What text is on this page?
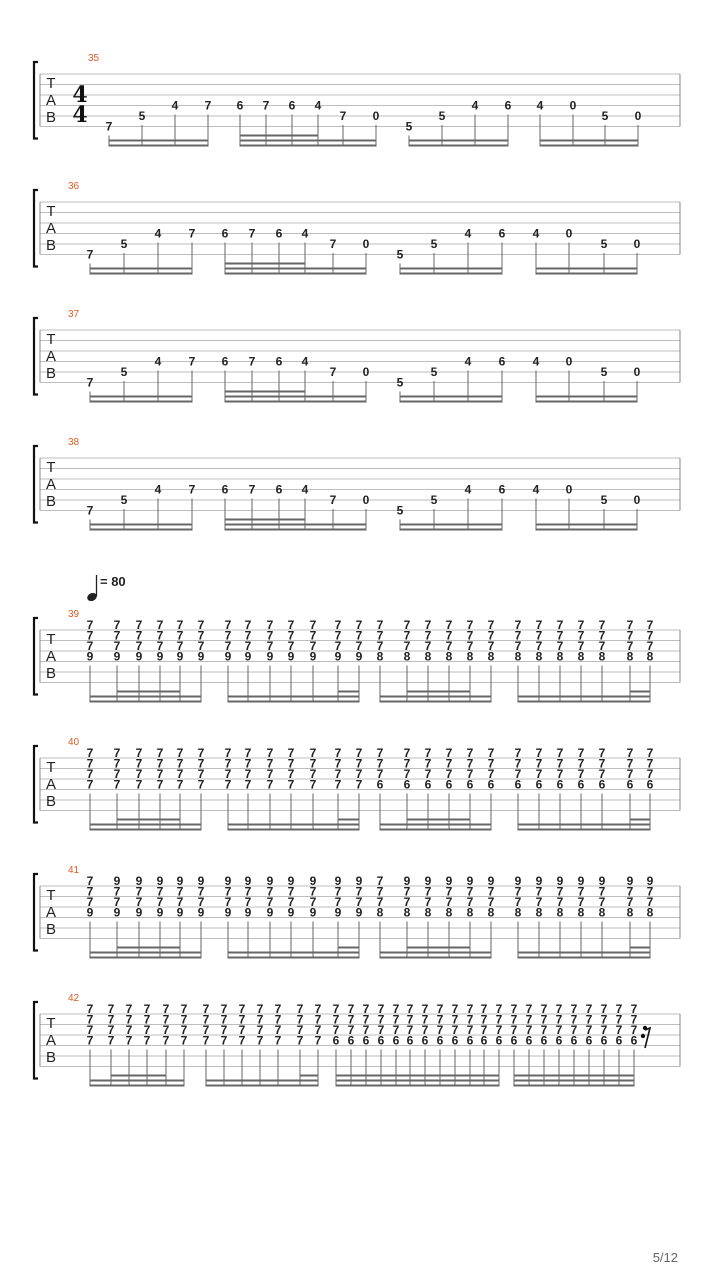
T
A
B
35
4
4 7
5
4 7 6 7 6 4
7 0
5
5
4 6 4 0
5 0
T
A
B
36
7
5
4 7 6 7 6 4
7 0
5
5
4 6 4 0
5 0
T
A
B
37
7
5
4 7 6 7 6 4
7 0
5
5
4 6 4 0
5 0
T
A
B
38
7
5
4 7 6 7 6 4
7 0
5
5
4 6 4 0
5 0
T
A
B
39
7
7
7
9
7
7
7
9
7
7
7
9
7
7
7
9
7
7
7
9
7
7
7
9
7
7
7
9
7
7
7
9
7
7
7
9
7
7
7
9
7
7
7
9
7
7
7
9
7
7
7
9
7
7
7
8
7
7
7
8
7
7
7
8
7
7
7
8
7
7
7
8
7
7
7
8
7
7
7
8
7
7
7
8
7
7
7
8
7
7
7
8
7
7
7
8
7
7
7
8
7
7
7
8
T
A
B
40
7
7
7
7
7
7
7
7
7
7
7
7
7
7
7
7
7
7
7
7
7
7
7
7
7
7
7
7
7
7
7
7
7
7
7
7
7
7
7
7
7
7
7
7
7
7
7
7
7
7
7
7
7
7
7
6
7
7
7
6
7
7
7
6
7
7
7
6
7
7
7
6
7
7
7
6
7
7
7
6
7
7
7
6
7
7
7
6
7
7
7
6
7
7
7
6
7
7
7
6
7
7
7
6
T
A
B
41
7
7
7
9
9
7
7
9
9
7
7
9
9
7
7
9
9
7
7
9
9
7
7
9
9
7
7
9
9
7
7
9
9
7
7
9
9
7
7
9
9
7
7
9
9
7
7
9
9
7
7
9
7
7
7
8
9
7
7
8
9
7
7
8
9
7
7
8
9
7
7
8
9
7
7
8
9
7
7
8
9
7
7
8
9
7
7
8
9
7
7
8
9
7
7
8
9
7
7
8
9
7
7
8
T
A
B
42
7
7
7
7
7
7
7
7
7
7
7
7
7
7
7
7
7
7
7
7
7
7
7
7
7
7
7
7
7
7
7
7
7
7
7
7
7
7
7
7
7
7
7
7
7
7
7
7
7
7
7
7
7
7
7
6
7
7
7
6
7
7
7
6
7
7
7
6
7
7
7
6
7
7
7
6
7
7
7
6
7
7
7
6
7
7
7
6
7
7
7
6
7
7
7
6
7
7
7
6
7
7
7
6
7
7
7
6
7
7
7
6
7
7
7
6
7
7
7
6
7
7
7
6
7
7
7
6
7
7
7
6
7
7
7
6
= 80
5/12
